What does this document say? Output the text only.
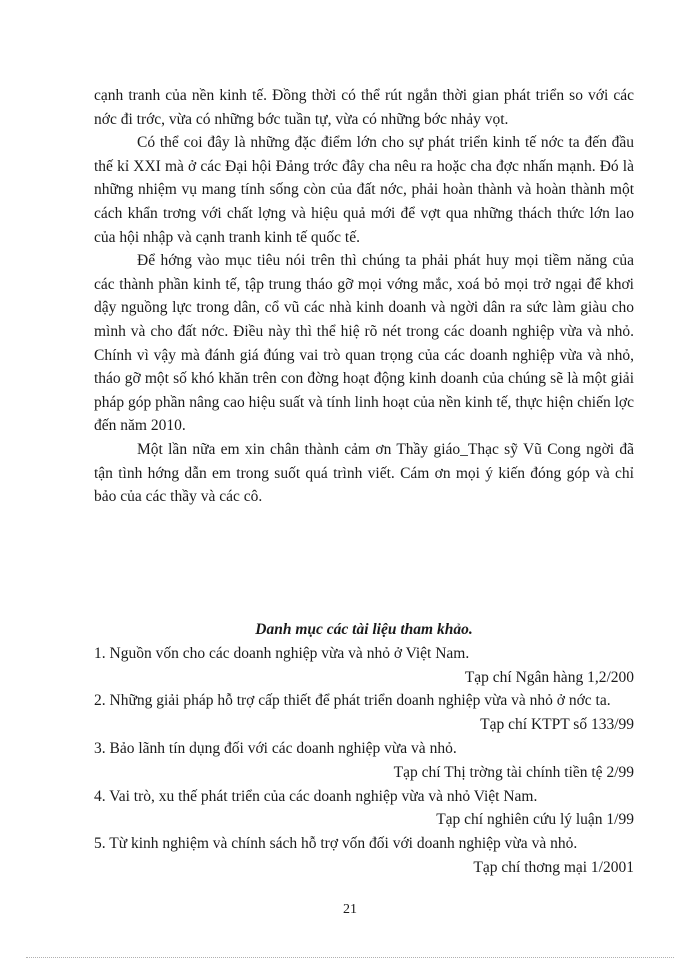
cạnh tranh của nền kinh tế. Đồng thời có thể rút ngắn thời gian phát triển so với các nớc đi trớc, vừa có những bớc tuần tự, vừa có những bớc nhảy vọt.

Có thể coi đây là những đặc điểm lớn cho sự phát triển kinh tế nớc ta đến đầu thế kỉ XXI mà ở các Đại hội Đảng trớc đây cha nêu ra hoặc cha đợc nhấn mạnh. Đó là những nhiệm vụ mang tính sống còn của đất nớc, phải hoàn thành và hoàn thành một cách khẩn trơng với chất lợng và hiệu quả mới để vợt qua những thách thức lớn lao của hội nhập và cạnh tranh kinh tế quốc tế.

Để hớng vào mục tiêu nói trên thì chúng ta phải phát huy mọi tiềm năng của các thành phần kinh tế, tập trung tháo gỡ mọi vớng mắc, xoá bỏ mọi trở ngại để khơi dậy nguồng lực trong dân, cổ vũ các nhà kinh doanh và ngời dân ra sức làm giàu cho mình và cho đất nớc. Điều này thì thể hiệ rõ nét trong các doanh nghiệp vừa và nhỏ. Chính vì vậy mà đánh giá đúng vai trò quan trọng của các doanh nghiệp vừa và nhỏ, tháo gỡ một số khó khăn trên con đờng hoạt động kinh doanh của chúng sẽ là một giải pháp góp phần nâng cao hiệu suất và tính linh hoạt của nền kinh tế, thực hiện chiến lợc đến năm 2010.

Một lần nữa em xin chân thành cảm ơn Thầy giáo_Thạc sỹ Vũ Cong ngời đã tận tình hớng dẫn em trong suốt quá trình viết. Cám ơn mọi ý kiến đóng góp và chỉ bảo của các thầy và các cô.

Danh mục các tài liệu tham khảo.

1. Nguồn vốn cho các doanh nghiệp vừa và nhỏ ở Việt Nam.

Tạp chí Ngân hàng 1,2/200

2. Những giải pháp hỗ trợ cấp thiết để phát triển doanh nghiệp vừa và nhỏ ở nớc ta.

Tạp chí KTPT số 133/99

3. Bảo lãnh tín dụng đối với các doanh nghiệp vừa và nhỏ.

Tạp chí Thị trờng tài chính tiền tệ 2/99

4. Vai trò, xu thế phát triển của các doanh nghiệp vừa và nhỏ Việt Nam.

Tạp chí nghiên cứu lý luận 1/99

5. Từ kinh nghiệm và chính sách hỗ trợ vốn đối với doanh nghiệp vừa và nhỏ.

Tạp chí thơng mại 1/2001

21
